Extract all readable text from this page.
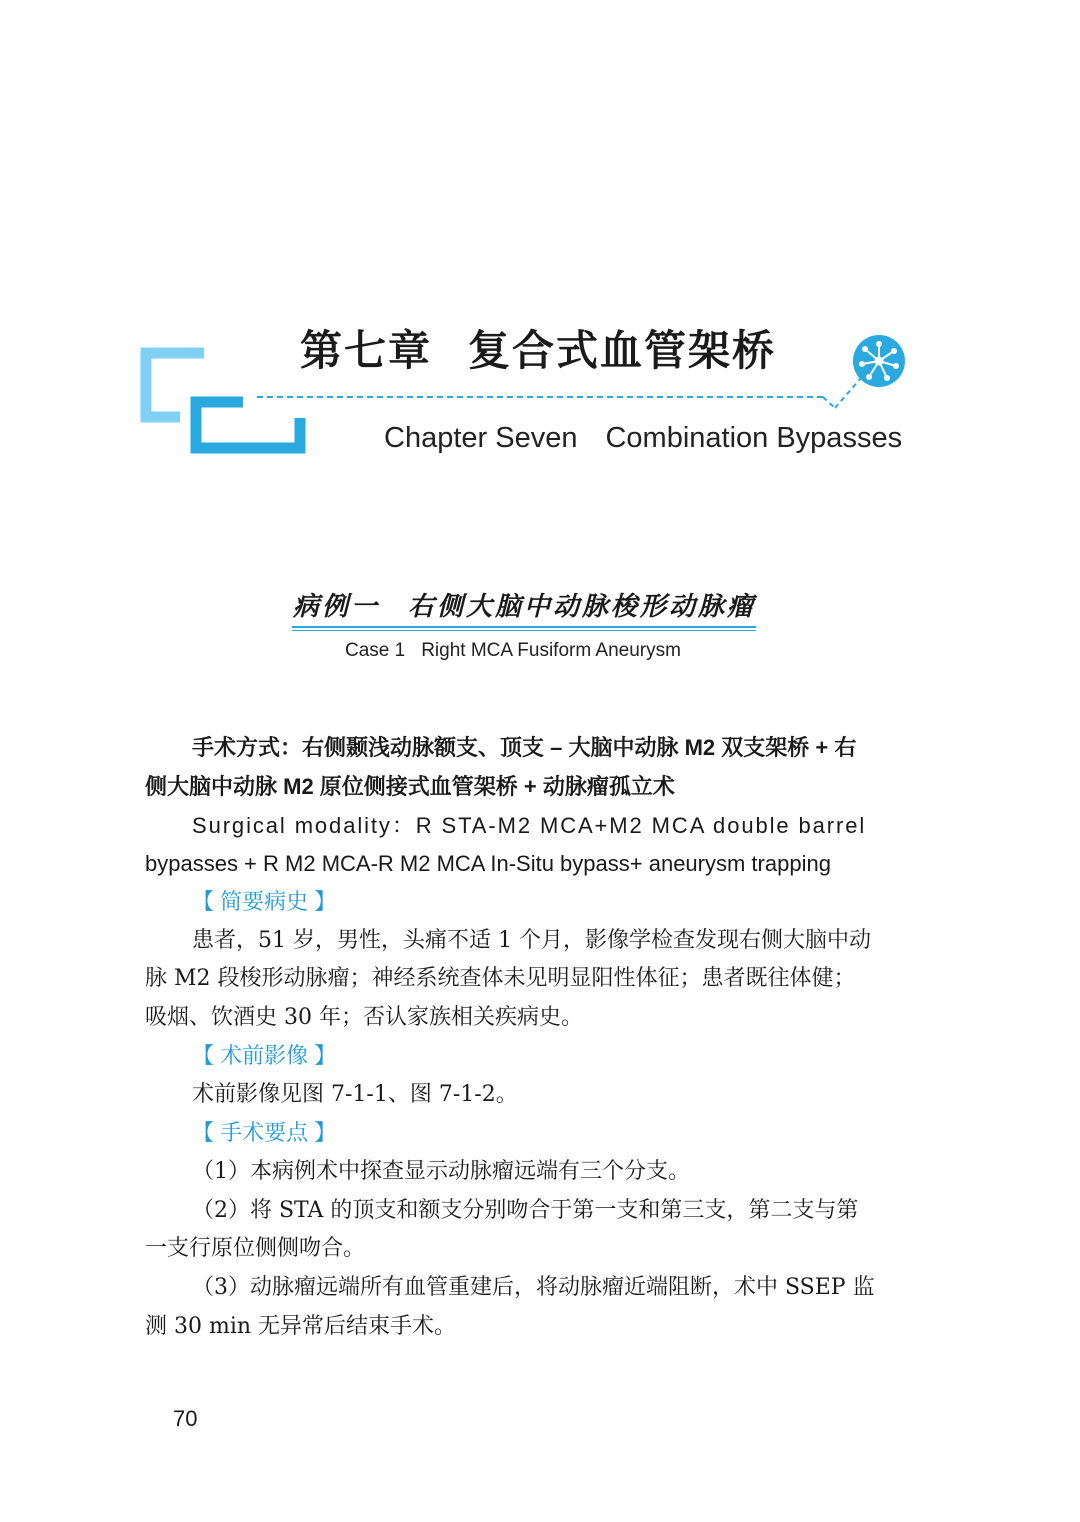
第七章 复合式血管架桥
Chapter Seven Combination Bypasses
病例一 右侧大脑中动脉梭形动脉瘤
Case 1 Right MCA Fusiform Aneurysm
手术方式：右侧颞浅动脉额支、顶支 – 大脑中动脉 M2 双支架桥 + 右
侧大脑中动脉 M2 原位侧接式血管架桥 + 动脉瘤孤立术
Surgical modality：R STA-M2 MCA+M2 MCA double barrel
bypasses + R M2 MCA-R M2 MCA In-Situ bypass+ aneurysm trapping
【 简要病史 】
患者，51 岁，男性，头痛不适 1 个月，影像学检查发现右侧大脑中动
脉 M2 段梭形动脉瘤；神经系统查体未见明显阳性体征；患者既往体健；
吸烟、饮酒史 30 年；否认家族相关疾病史。
【 术前影像 】
术前影像见图 7-1-1、图 7-1-2。
【 手术要点 】
（1）本病例术中探查显示动脉瘤远端有三个分支。
（2）将 STA 的顶支和额支分别吻合于第一支和第三支，第二支与第
一支行原位侧侧吻合。
（3）动脉瘤远端所有血管重建后，将动脉瘤近端阻断，术中 SSEP 监
测 30 min 无异常后结束手术。
70
